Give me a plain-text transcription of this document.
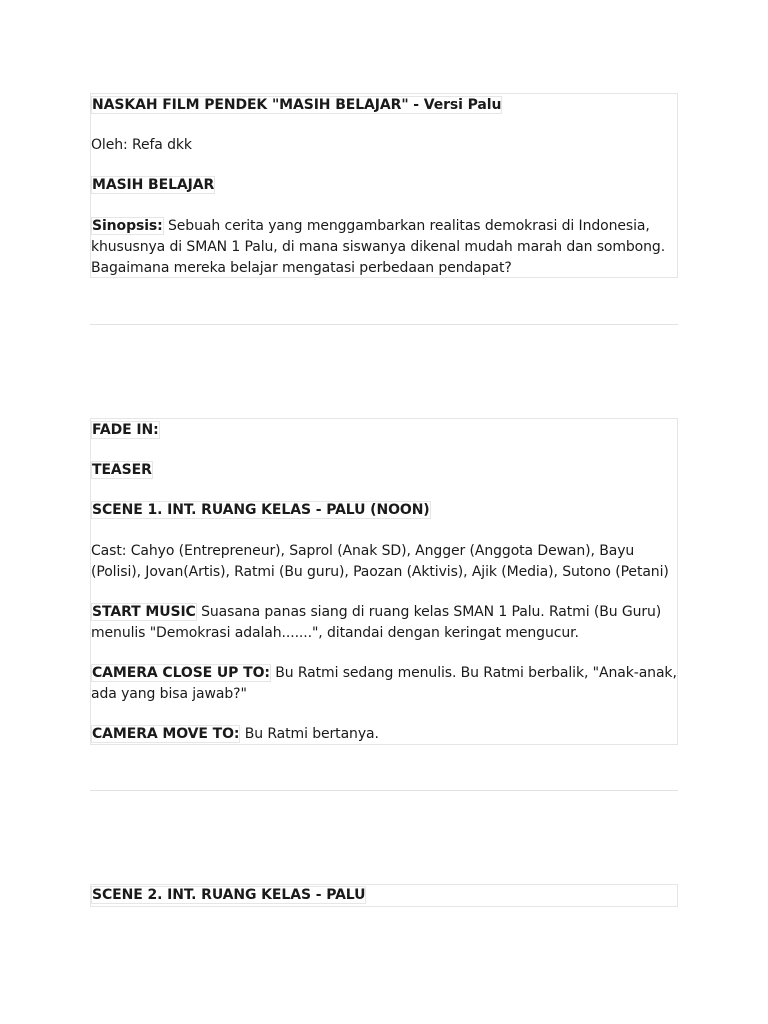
NASKAH FILM PENDEK "MASIH BELAJAR" - Versi Palu

Oleh: Refa dkk

MASIH BELAJAR

Sinopsis: Sebuah cerita yang menggambarkan realitas demokrasi di Indonesia, khususnya di SMAN 1 Palu, di mana siswanya dikenal mudah marah dan sombong. Bagaimana mereka belajar mengatasi perbedaan pendapat?

FADE IN:

TEASER

SCENE 1. INT. RUANG KELAS - PALU (NOON)

Cast: Cahyo (Entrepreneur), Saprol (Anak SD), Angger (Anggota Dewan), Bayu (Polisi), Jovan(Artis), Ratmi (Bu guru), Paozan (Aktivis), Ajik (Media), Sutono (Petani)

START MUSIC Suasana panas siang di ruang kelas SMAN 1 Palu. Ratmi (Bu Guru) menulis "Demokrasi adalah.......", ditandai dengan keringat mengucur.

CAMERA CLOSE UP TO: Bu Ratmi sedang menulis. Bu Ratmi berbalik, "Anak-anak, ada yang bisa jawab?"

CAMERA MOVE TO: Bu Ratmi bertanya.

SCENE 2. INT. RUANG KELAS - PALU
